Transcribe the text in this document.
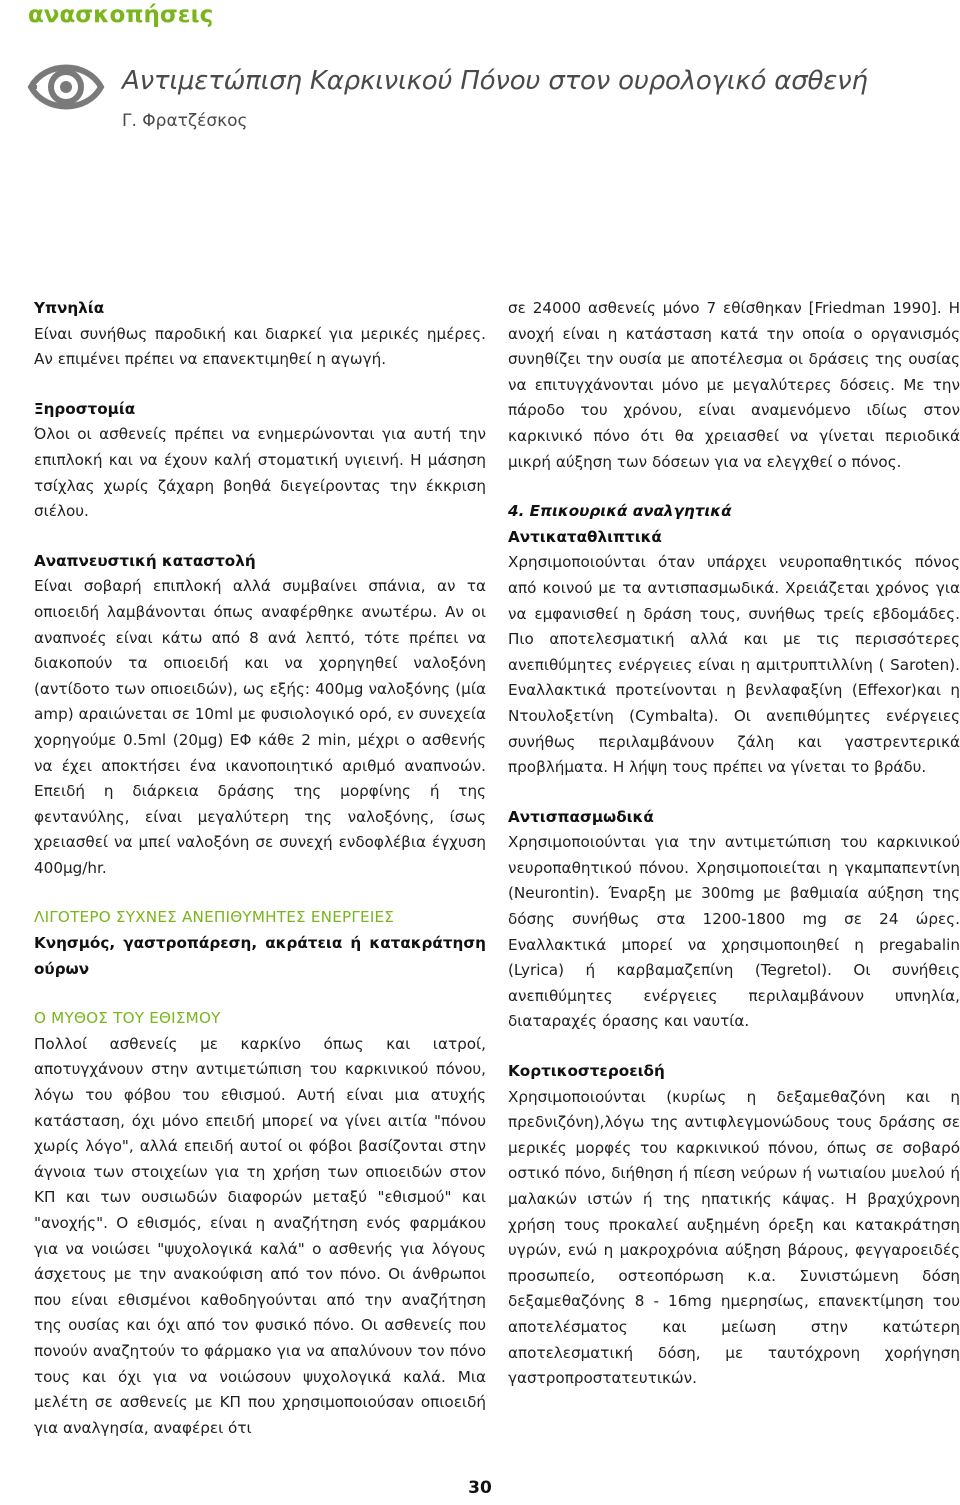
ανασκοπήσεις
Αντιμετώπιση Καρκινικού Πόνου στον ουρολογικό ασθενή
Γ. Φρατζέσκος

Υπνηλία

Είναι συνήθως παροδική και διαρκεί για μερικές ημέρες. Αν επιμένει πρέπει να επανεκτιμηθεί η αγωγή.

Ξηροστομία

Όλοι οι ασθενείς πρέπει να ενημερώνονται για αυτή την επιπλοκή και να έχουν καλή στοματική υγιεινή. Η μάσηση τσίχλας χωρίς ζάχαρη βοηθά διεγείροντας την έκκριση σιέλου.

Αναπνευστική καταστολή

Είναι σοβαρή επιπλοκή αλλά συμβαίνει σπάνια, αν τα οπιοειδή λαμβάνονται όπως αναφέρθηκε ανωτέρω. Αν οι αναπνοές είναι κάτω από 8 ανά λεπτό, τότε πρέπει να διακοπούν τα οπιοειδή και να χορηγηθεί ναλοξόνη (αντίδοτο των οπιοειδών), ως εξής: 400μg ναλοξόνης (μία amp) αραιώνεται σε 10ml με φυσιολογικό ορό, εν συνεχεία χορηγούμε 0.5ml (20μg) ΕΦ κάθε 2 min, μέχρι ο ασθενής να έχει αποκτήσει ένα ικανοποιητικό αριθμό αναπνοών. Επειδή η διάρκεια δράσης της μορφίνης ή της φεντανύλης, είναι μεγαλύτερη της ναλοξόνης, ίσως χρειασθεί να μπεί ναλοξόνη σε συνεχή ενδοφλέβια έγχυση 400μg/hr.

ΛΙΓΟΤΕΡΟ ΣΥΧΝΕΣ ΑΝΕΠΙΘΥΜΗΤΕΣ ΕΝΕΡΓΕΙΕΣ

Κνησμός, γαστροπάρεση, ακράτεια ή κατακράτηση ούρων

Ο ΜΥΘΟΣ ΤΟΥ ΕΘΙΣΜΟΥ

Πολλοί ασθενείς με καρκίνο όπως και ιατροί, αποτυγχάνουν στην αντιμετώπιση του καρκινικού πόνου, λόγω του φόβου του εθισμού. Αυτή είναι μια ατυχής κατάσταση, όχι μόνο επειδή μπορεί να γίνει αιτία "πόνου χωρίς λόγο", αλλά επειδή αυτοί οι φόβοι βασίζονται στην άγνοια των στοιχείων για τη χρήση των οπιοειδών στον ΚΠ και των ουσιωδών διαφορών μεταξύ "εθισμού" και "ανοχής". Ο εθισμός, είναι η αναζήτηση ενός φαρμάκου για να νοιώσει "ψυχολογικά καλά" ο ασθενής για λόγους άσχετους με την ανακούφιση από τον πόνο. Οι άνθρωποι που είναι εθισμένοι καθοδηγούνται από την αναζήτηση της ουσίας και όχι από τον φυσικό πόνο. Οι ασθενείς που πονούν αναζητούν το φάρμακο για να απαλύνουν τον πόνο τους και όχι για να νοιώσουν ψυχολογικά καλά. Μια μελέτη σε ασθενείς με ΚΠ που χρησιμοποιούσαν οπιοειδή για αναλγησία, αναφέρει ότι

σε 24000 ασθενείς μόνο 7 εθίσθηκαν [Friedman 1990]. Η ανοχή είναι η κατάσταση κατά την οποία ο οργανισμός συνηθίζει την ουσία με αποτέλεσμα οι δράσεις της ουσίας να επιτυγχάνονται μόνο με μεγαλύτερες δόσεις. Με την πάροδο του χρόνου, είναι αναμενόμενο ιδίως στον καρκινικό πόνο ότι θα χρειασθεί να γίνεται περιοδικά μικρή αύξηση των δόσεων για να ελεγχθεί ο πόνος.

4. Επικουρικά αναλγητικά

Αντικαταθλιπτικά

Χρησιμοποιούνται όταν υπάρχει νευροπαθητικός πόνος από κοινού με τα αντισπασμωδικά. Χρειάζεται χρόνος για να εμφανισθεί η δράση τους, συνήθως τρείς εβδομάδες. Πιο αποτελεσματική αλλά και με τις περισσότερες ανεπιθύμητες ενέργειες είναι η αμιτρυπτιλλίνη ( Saroten). Εναλλακτικά προτείνονται η βενλαφαξίνη (Effexor)και η Ντουλοξετίνη (Cymbalta). Οι ανεπιθύμητες ενέργειες συνήθως περιλαμβάνουν ζάλη και γαστρεντερικά προβλήματα. Η λήψη τους πρέπει να γίνεται το βράδυ.

Αντισπασμωδικά

Χρησιμοποιούνται για την αντιμετώπιση του καρκινικού νευροπαθητικού πόνου. Χρησιμοποιείται η γκαμπαπεντίνη (Neurontin). Έναρξη με 300mg με βαθμιαία αύξηση της δόσης συνήθως στα 1200-1800 mg σε 24 ώρες. Εναλλακτικά μπορεί να χρησιμοποιηθεί η pregabalin (Lyrica) ή καρβαμαζεπίνη (Tegretol). Οι συνήθεις ανεπιθύμητες ενέργειες περιλαμβάνουν υπνηλία, διαταραχές όρασης και ναυτία.

Κορτικοστεροειδή

Χρησιμοποιούνται (κυρίως η δεξαμεθαζόνη και η πρεδνιζόνη),λόγω της αντιφλεγμονώδους τους δράσης σε μερικές μορφές του καρκινικού πόνου, όπως σε σοβαρό οστικό πόνο, διήθηση ή πίεση νεύρων ή νωτιαίου μυελού ή μαλακών ιστών ή της ηπατικής κάψας. Η βραχύχρονη χρήση τους προκαλεί αυξημένη όρεξη και κατακράτηση υγρών, ενώ η μακροχρόνια αύξηση βάρους, φεγγαροειδές προσωπείο, οστεοπόρωση κ.α. Συνιστώμενη δόση δεξαμεθαζόνης 8 - 16mg ημερησίως, επανεκτίμηση του αποτελέσματος και μείωση στην κατώτερη αποτελεσματική δόση, με ταυτόχρονη χορήγηση γαστροπροστατευτικών.

30
